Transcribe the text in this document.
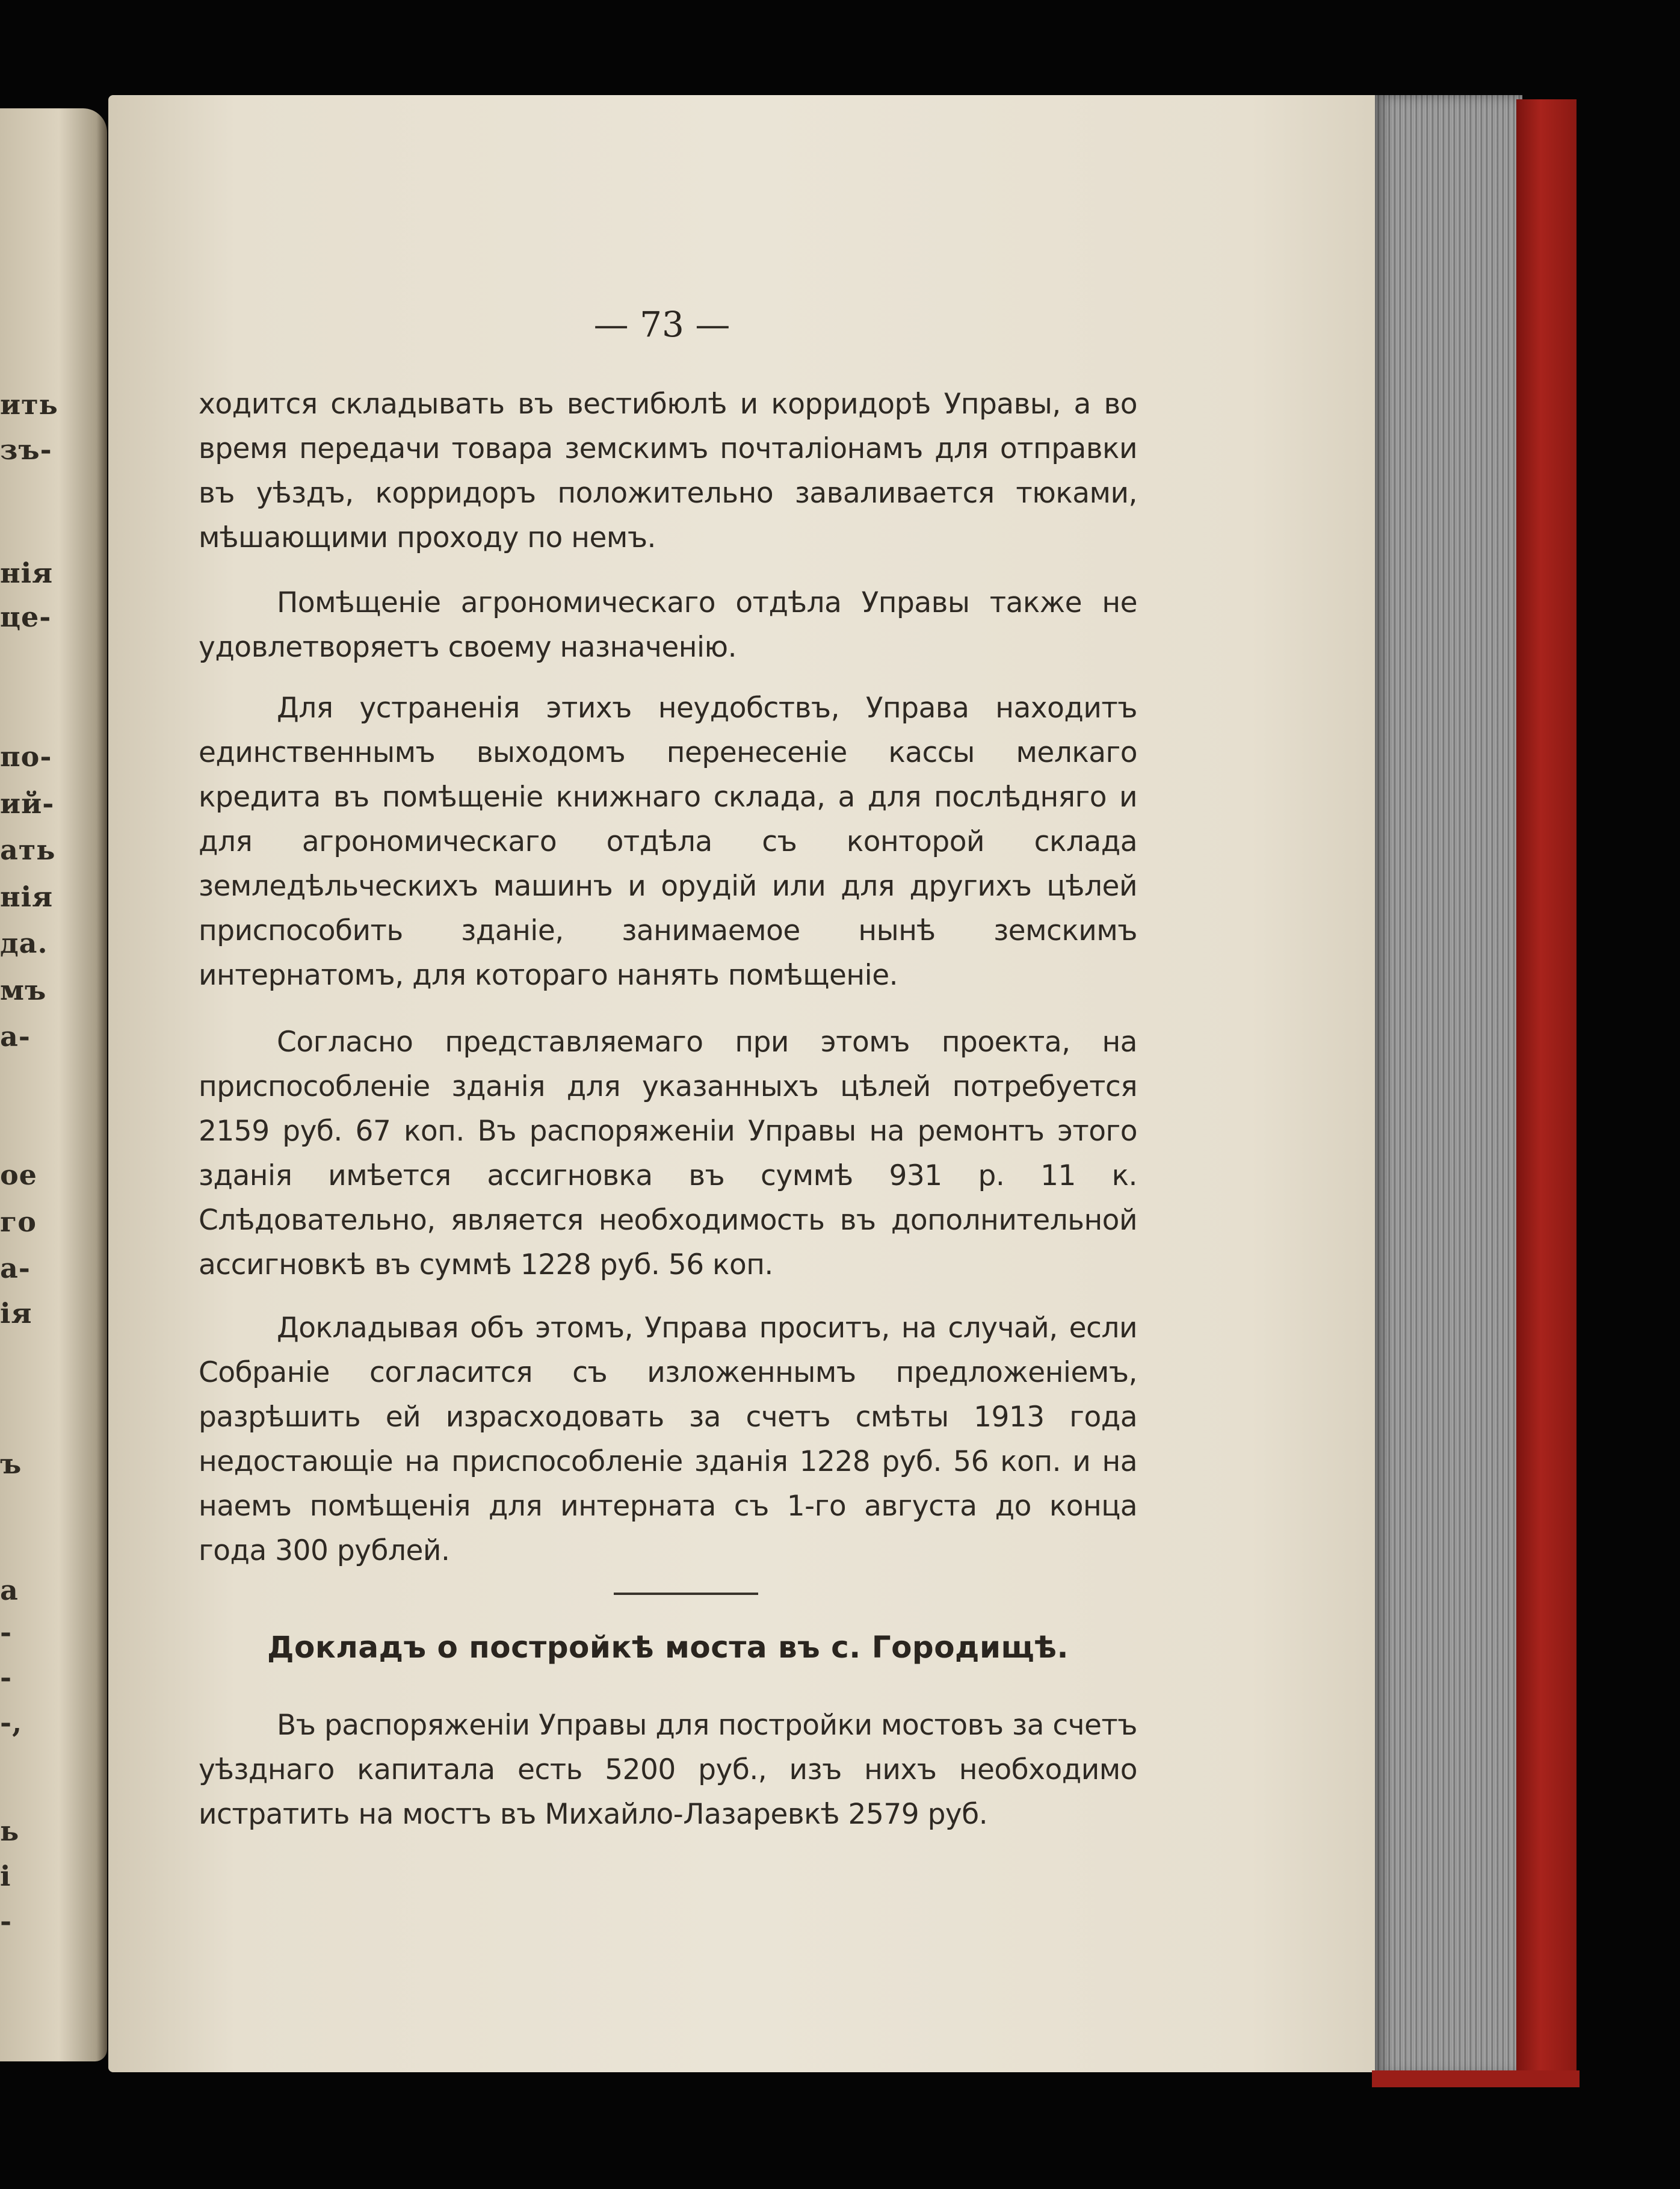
ить
зъ-
нія
це-
по-
ий-
ать
нія
да.
мъ
а-
ое
го
а-
ія
ъ
а
-
-
-,
ь
і
-
— 73 —
ходится складывать въ вестибюлѣ и корридорѣ Управы, а во время передачи товара земскимъ почталіонамъ для отправки въ уѣздъ, корридоръ положительно заваливается тюками, мѣшающими проходу по немъ.
Помѣщеніе агрономическаго отдѣла Управы также не удовлетворяетъ своему назначенію.
Для устраненія этихъ неудобствъ, Управа находитъ единственнымъ выходомъ перенесеніе кассы мелкаго кредита въ помѣщеніе книжнаго склада, а для послѣдняго и для агрономическаго отдѣла съ конторой склада земледѣльческихъ машинъ и орудій или для другихъ цѣлей приспособить зданіе, занимаемое нынѣ земскимъ интернатомъ, для котораго нанять помѣщеніе.
Согласно представляемаго при этомъ проекта, на приспособленіе зданія для указанныхъ цѣлей потребуется 2159 руб. 67 коп. Въ распоряженіи Управы на ремонтъ этого зданія имѣется ассигновка въ суммѣ 931 р. 11 к. Слѣдовательно, является необходимость въ дополнительной ассигновкѣ въ суммѣ 1228 руб. 56 коп.
Докладывая объ этомъ, Управа проситъ, на случай, если Собраніе согласится съ изложеннымъ предложеніемъ, разрѣшить ей израсходовать за счетъ смѣты 1913 года недостающіе на приспособленіе зданія 1228 руб. 56 коп. и на наемъ помѣщенія для интерната съ 1-го августа до конца года 300 рублей.
Докладъ о постройкѣ моста въ с. Городищѣ.
Въ распоряженіи Управы для постройки мостовъ за счетъ уѣзднаго капитала есть 5200 руб., изъ нихъ необходимо истратить на мостъ въ Михайло-Лазаревкѣ 2579 руб.
